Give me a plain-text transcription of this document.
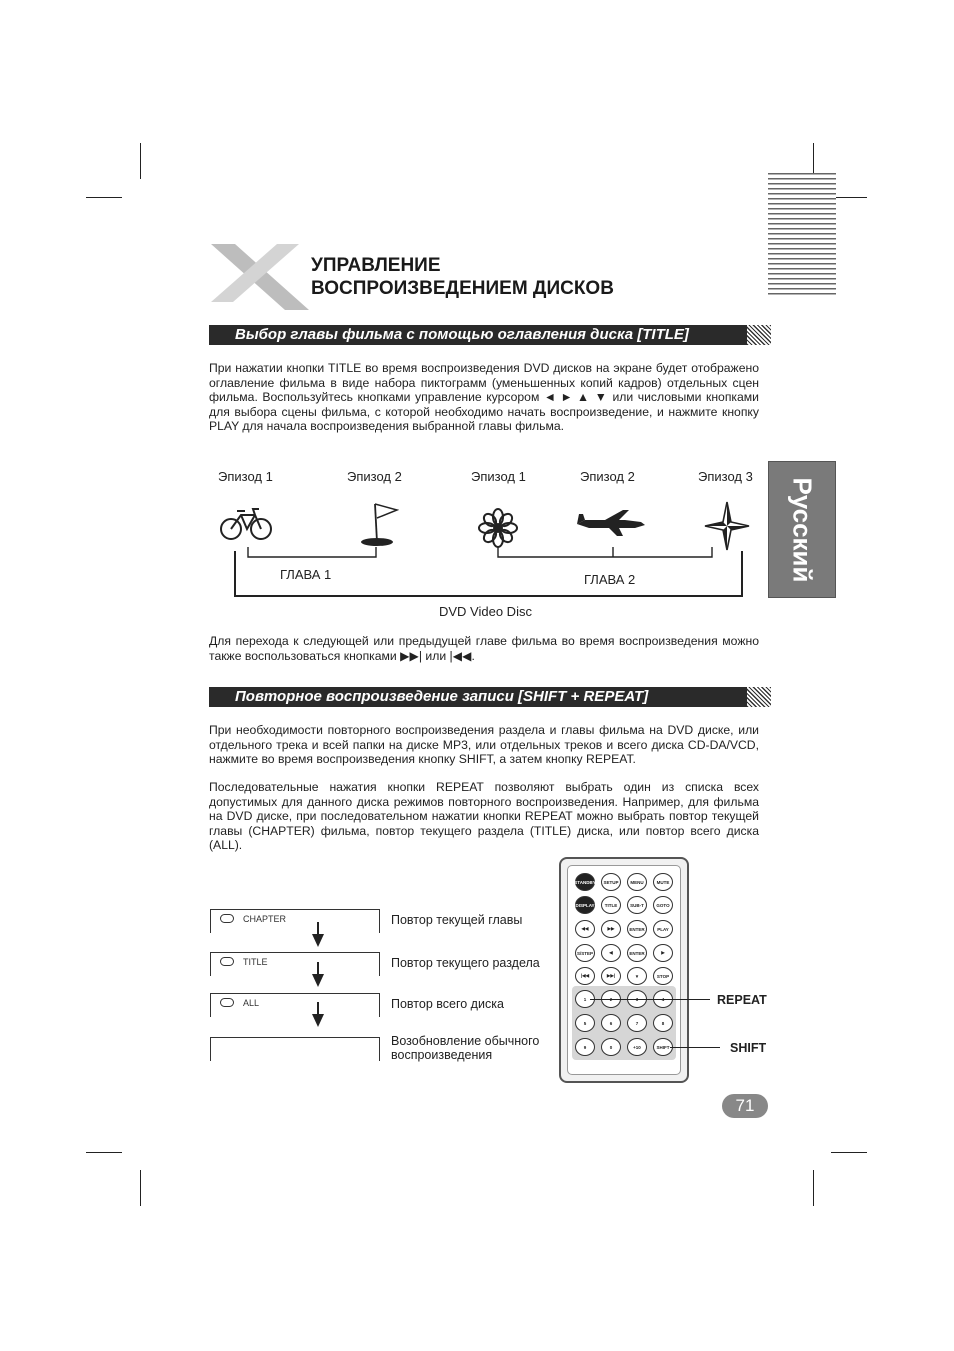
УПРАВЛЕНИЕ
ВОСПРОИЗВЕДЕНИЕМ ДИСКОВ
Русский
Выбор главы фильма с помощью оглавления диска [TITLE]
При нажатии кнопки TITLE во время воспроизведения DVD дисков на экране будет отображено оглавление фильма в виде набора пиктограмм (уменьшенных копий кадров) отдельных сцен фильма. Воспользуйтесь кнопками управление курсором ◄ ► ▲ ▼ или числовыми кнопками для выбора сцены фильма, с которой необходимо начать воспроизведение, и нажмите кнопку PLAY для начала воспроизведения выбранной главы фильма.
Эпизод 1	Эпизод 2	Эпизод 1	Эпизод 2	Эпизод 3
ГЛАВА 1	ГЛАВА 2
DVD Video Disc
Для перехода к следующей или предыдущей главе фильма во время воспроизведения можно также воспользоваться кнопками ▶▶| или |◀◀.
Повторное воспроизведение записи [SHIFT + REPEAT]
При необходимости повторного воспроизведения раздела и главы фильма на DVD диске, или отдельного трека и всей папки на диске MP3, или отдельных треков и всего диска CD-DA/VCD, нажмите во время воспроизведения кнопку SHIFT, а затем кнопку REPEAT.
Последовательные нажатия кнопки REPEAT позволяют выбрать один из списка всех допустимых для данного диска режимов повторного воспроизведения. Например, для фильма на DVD диске, при последовательном нажатии кнопки REPEAT можно выбрать повтор текущей главы (CHAPTER) фильма, повтор текущего раздела (TITLE) диска, или повтор всего диска (ALL).
CHAPTER
TITLE
ALL
Повтор текущей главы
Повтор текущего раздела
Повтор всего диска
Возобновление обычного воспроизведения
STANDBY	SETUP	MENU	MUTE
DISPLAY	TITLE	SUB-T	GOTO
◀◀	▶▶	ENTER	PLAY
S/STEP	◀	ENTER	▶
|◀◀	▶▶|	▼	STOP
1
5	6	7	8
9	0	+10	SHIFT
REPEAT
SHIFT
71
